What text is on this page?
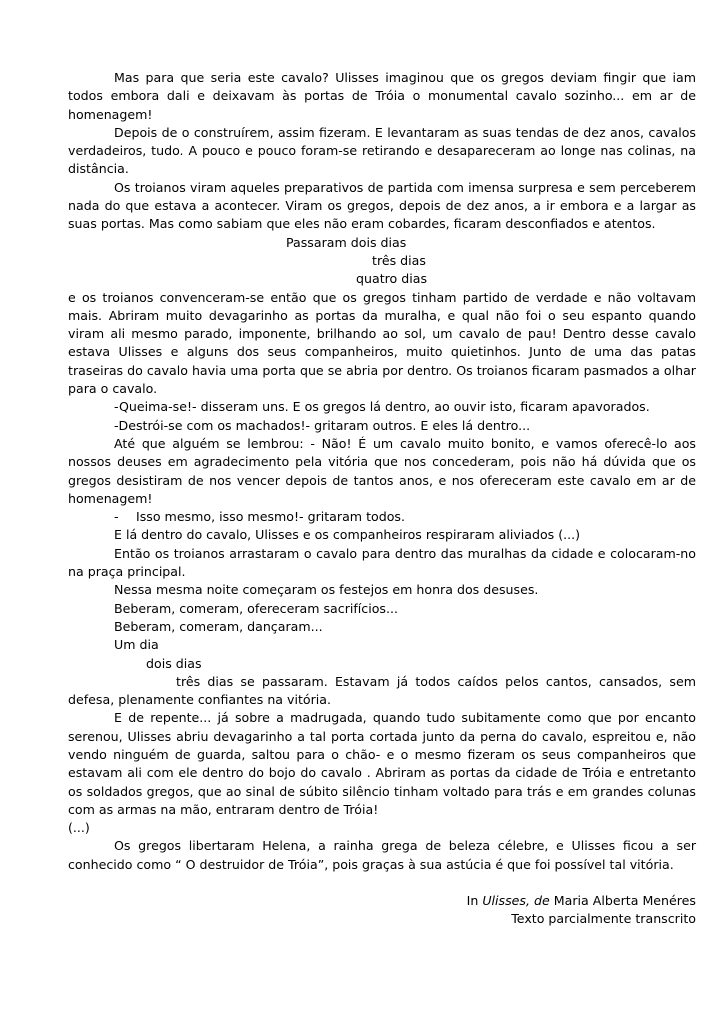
Mas para que seria este cavalo? Ulisses imaginou que os gregos deviam fingir que iam todos embora dali e deixavam às portas de Tróia o monumental cavalo sozinho... em ar de homenagem!

Depois de o construírem, assim fizeram. E levantaram as suas tendas de dez anos, cavalos verdadeiros, tudo. A pouco e pouco foram-se retirando e desapareceram ao longe nas colinas, na distância.

Os troianos viram aqueles preparativos de partida com imensa surpresa e sem perceberem nada do que estava a acontecer. Viram os gregos, depois de dez anos, a ir embora e a largar as suas portas. Mas como sabiam que eles não eram cobardes, ficaram desconfiados e atentos.

Passaram dois dias

três dias

quatro dias

e os troianos convenceram-se então que os gregos tinham partido de verdade e não voltavam mais. Abriram muito devagarinho as portas da muralha, e qual não foi o seu espanto quando viram ali mesmo parado, imponente, brilhando ao sol, um cavalo de pau! Dentro desse cavalo estava Ulisses e alguns dos seus companheiros, muito quietinhos. Junto de uma das patas traseiras do cavalo havia uma porta que se abria por dentro. Os troianos ficaram pasmados a olhar para o cavalo.

-Queima-se!- disseram uns. E os gregos lá dentro, ao ouvir isto, ficaram apavorados.

-Destrói-se com os machados!- gritaram outros. E eles lá dentro...

Até que alguém se lembrou: - Não! É um cavalo muito bonito, e vamos oferecê-lo aos nossos deuses em agradecimento pela vitória que nos concederam, pois não há dúvida que os gregos desistiram de nos vencer depois de tantos anos, e nos ofereceram este cavalo em ar de homenagem!

- Isso mesmo, isso mesmo!- gritaram todos.

E lá dentro do cavalo, Ulisses e os companheiros respiraram aliviados (...)

Então os troianos arrastaram o cavalo para dentro das muralhas da cidade e colocaram-no na praça principal.

Nessa mesma noite começaram os festejos em honra dos desuses.

Beberam, comeram, ofereceram sacrifícios...

Beberam, comeram, dançaram...

Um dia

dois dias

três dias se passaram. Estavam já todos caídos pelos cantos, cansados, sem defesa, plenamente confiantes na vitória.

E de repente... já sobre a madrugada, quando tudo subitamente como que por encanto serenou, Ulisses abriu devagarinho a tal porta cortada junto da perna do cavalo, espreitou e, não vendo ninguém de guarda, saltou para o chão- e o mesmo fizeram os seus companheiros que estavam ali com ele dentro do bojo do cavalo . Abriram as portas da cidade de Tróia e entretanto os soldados gregos, que ao sinal de súbito silêncio tinham voltado para trás e em grandes colunas com as armas na mão, entraram dentro de Tróia!

(...)

Os gregos libertaram Helena, a rainha grega de beleza célebre, e Ulisses ficou a ser conhecido como “ O destruidor de Tróia”, pois graças à sua astúcia é que foi possível tal vitória.

In Ulisses, de Maria Alberta Menéres
Texto parcialmente transcrito
